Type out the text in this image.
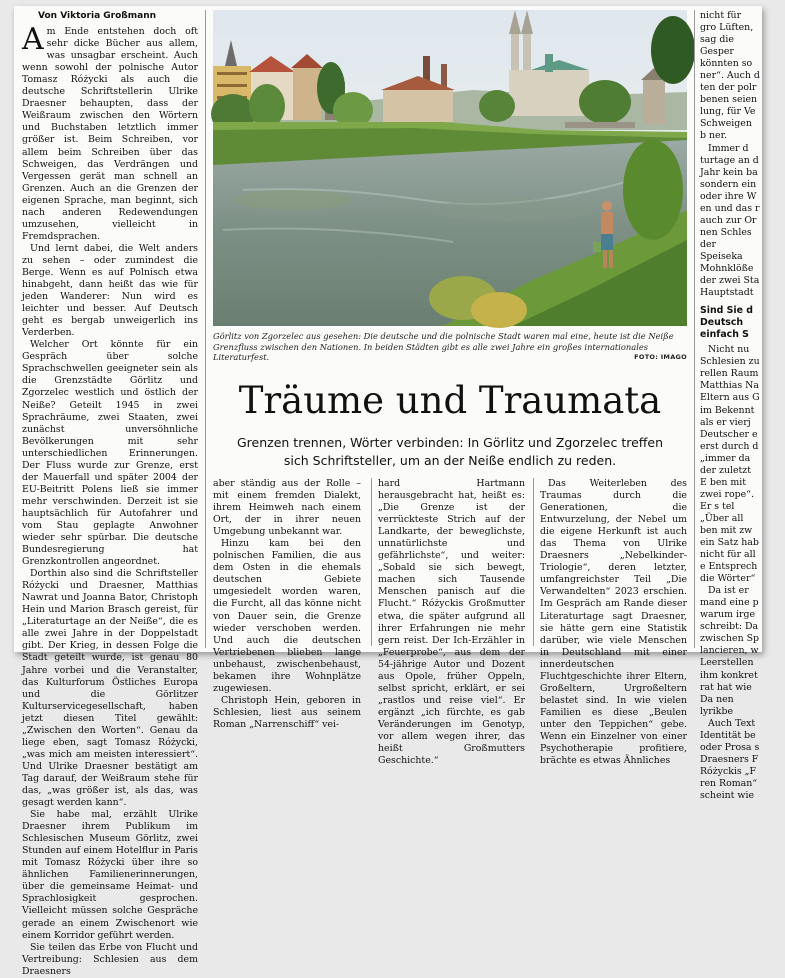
Von Viktoria Großmann

Am Ende entstehen doch oft sehr dicke Bücher aus allem, was unsagbar erscheint. Auch wenn sowohl der polnische Autor Tomasz Różycki als auch die deutsche Schriftstellerin Ulrike Draesner behaupten, dass der Weißraum zwischen den Wörtern und Buchstaben letztlich immer größer ist. Beim Schreiben, vor allem beim Schreiben über das Schweigen, das Verdrängen und Vergessen gerät man schnell an Grenzen. Auch an die Grenzen der eigenen Sprache, man beginnt, sich nach anderen Redewendungen umzusehen, vielleicht in Fremdsprachen.

Und lernt dabei, die Welt anders zu sehen – oder zumindest die Berge. Wenn es auf Polnisch etwa hinabgeht, dann heißt das wie für jeden Wanderer: Nun wird es leichter und besser. Auf Deutsch geht es bergab unweigerlich ins Verderben.

Welcher Ort könnte für ein Gespräch über solche Sprachschwellen geeigneter sein als die Grenzstädte Görlitz und Zgorzelec westlich und östlich der Neiße? Geteilt 1945 in zwei Sprachräume, zwei Staaten, zwei zunächst unversöhnliche Bevölkerungen mit sehr unterschiedlichen Erinnerungen. Der Fluss wurde zur Grenze, erst der Mauerfall und später 2004 der EU-Beitritt Polens ließ sie immer mehr verschwinden. Derzeit ist sie hauptsächlich für Autofahrer und vom Stau geplagte Anwohner wieder sehr spürbar. Die deutsche Bundesregierung hat Grenzkontrollen angeordnet.

Dorthin also sind die Schriftsteller Różycki und Draesner, Matthias Nawrat und Joanna Bator, Christoph Hein und Marion Brasch gereist, für „Literaturtage an der Neiße“, die es alle zwei Jahre in der Doppelstadt gibt. Der Krieg, in dessen Folge die Stadt geteilt wurde, ist genau 80 Jahre vorbei und die Veranstalter, das Kulturforum Östliches Europa und die Görlitzer Kulturservicegesellschaft, haben jetzt diesen Titel gewählt: „Zwischen den Worten“. Genau da liege eben, sagt Tomasz Różycki, „was mich am meisten interessiert“. Und Ulrike Draesner bestätigt am Tag darauf, der Weißraum stehe für das, „was größer ist, als das, was gesagt werden kann“.

Sie habe mal, erzählt Ulrike Draesner ihrem Publikum im Schlesischen Museum Görlitz, zwei Stunden auf einem Hotelflur in Paris mit Tomasz Różycki über ihre so ähnlichen Familienerinnerungen, über die gemeinsame Heimat- und Sprachlosigkeit gesprochen. Vielleicht müssen solche Gespräche gerade an einem Zwischenort wie einem Korridor geführt werden.

Sie teilen das Erbe von Flucht und Vertreibung: Schlesien aus dem Draesners

Görlitz von Zgorzelec aus gesehen: Die deutsche und die polnische Stadt waren mal eine, heute ist die Neiße Grenzfluss zwischen den Nationen. In beiden Städten gibt es alle zwei Jahre ein großes internationales Literaturfest.	FOTO: IMAGO
Träume und Traumata
Grenzen trennen, Wörter verbinden: In Görlitz und Zgorzelec treffen sich Schriftsteller, um an der Neiße endlich zu reden.

aber ständig aus der Rolle – mit einem fremden Dialekt, ihrem Heimweh nach einem Ort, der in ihrer neuen Umgebung unbekannt war.

Hinzu kam bei den polnischen Familien, die aus dem Osten in die ehemals deutschen Gebiete umgesiedelt worden waren, die Furcht, all das könne nicht von Dauer sein, die Grenze wieder verschoben werden. Und auch die deutschen Vertriebenen blieben lange unbehaust, zwischenbehaust, bekamen ihre Wohnplätze zugewiesen.

Christoph Hein, geboren in Schlesien, liest aus seinem Roman „Narrenschiff“ vei-

hard Hartmann herausgebracht hat, heißt es: „Die Grenze ist der verrückteste Strich auf der Landkarte, der beweglichste, unnatürlichste und gefährlichste“, und weiter: „Sobald sie sich bewegt, machen sich Tausende Menschen panisch auf die Flucht.“ Różyckis Großmutter etwa, die später aufgrund all ihrer Erfahrungen nie mehr gern reist. Der Ich-Erzähler in „Feuerprobe“, aus dem der 54-jährige Autor und Dozent aus Opole, früher Oppeln, selbst spricht, erklärt, er sei „rastlos und reise viel“. Er ergänzt „ich fürchte, es gab Veränderungen im Genotyp, vor allem wegen ihrer, das heißt Großmutters Geschichte.“

Das Weiterleben des Traumas durch die Generationen, die Entwurzelung, der Nebel um die eigene Herkunft ist auch das Thema von Ulrike Draesners „Nebelkinder-Triologie“, deren letzter, umfangreichster Teil „Die Verwandelten“ 2023 erschien. Im Gespräch am Rande dieser Literaturtage sagt Draesner, sie hätte gern eine Statistik darüber, wie viele Menschen in Deutschland mit einer innerdeutschen Fluchtgeschichte ihrer Eltern, Großeltern, Urgroßeltern belastet sind. In wie vielen Familien es diese „Beulen unter den Teppichen“ gebe. Wenn ein Einzelner von einer Psychotherapie profitiere, brächte es etwas Ähnliches

nicht für gro Lüften, sag die Gesper könnten so ner“. Auch d ten der polr benen seien lung, für Ve Schweigen b ner.

Immer d turtage an d Jahr kein ba sondern ein oder ihre W en und das r auch zur Or nen Schles der Speiseka Mohnklöße der zwei Sta Hauptstadt

Sind Sie d Deutsch einfach S

Nicht nu Schlesien zu rellen Raum Matthias Na Eltern aus G im Bekennt als er vierj Deutscher e erst durch d „immer da der zuletzt E ben mit zwei rope“. Er s tel „Über all ben mit zw ein Satz hab nicht für all e Entsprech die Wörter“

Da ist er mand eine p warum irge schreibt: Da zwischen Sp lancieren, w Leerstellen ihm konkret rat hat wie Da nen lyrikbe

Auch Text Identität be oder Prosa s Draesners F Różyckis „F ren Roman“ scheint wie
